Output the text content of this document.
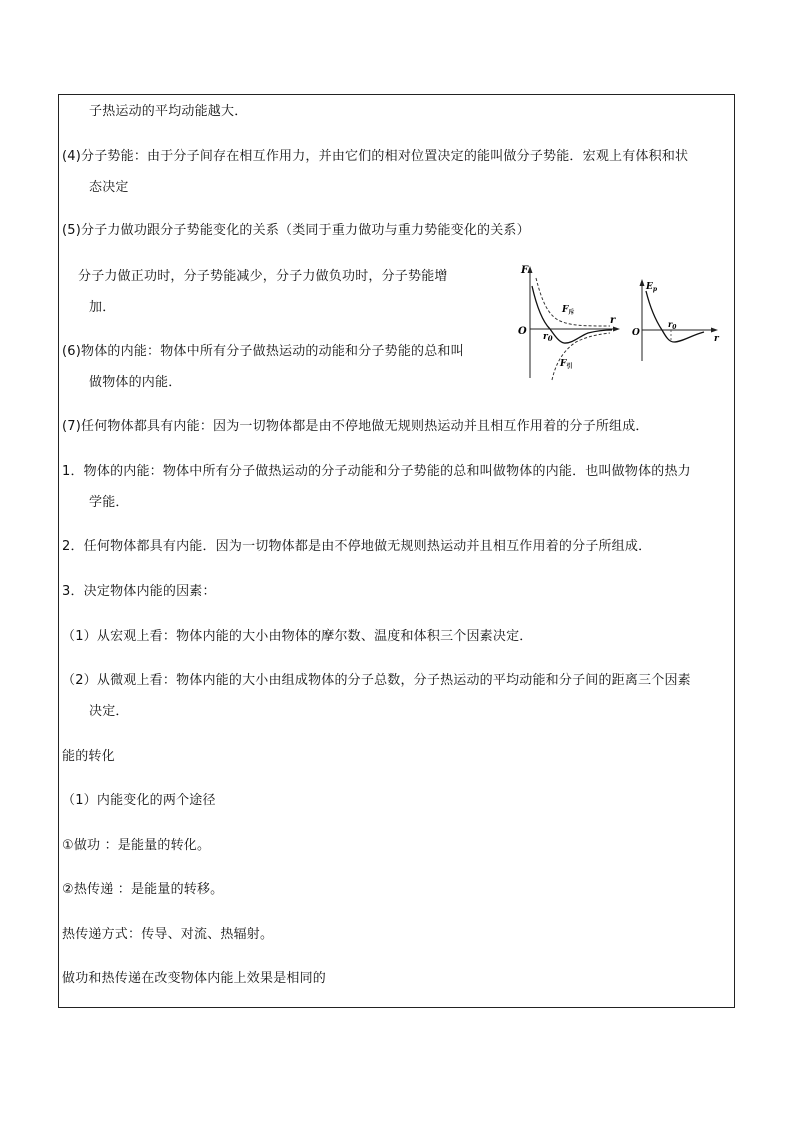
子热运动的平均动能越大．
(4)分子势能：由于分子间存在相互作用力，并由它们的相对位置决定的能叫做分子势能．宏观上有体积和状
态决定
(5)分子力做功跟分子势能变化的关系（类同于重力做功与重力势能变化的关系）
分子力做正功时，分子势能减少，分子力做负功时，分子势能增
加．
(6)物体的内能：物体中所有分子做热运动的动能和分子势能的总和叫
做物体的内能．
(7)任何物体都具有内能：因为一切物体都是由不停地做无规则热运动并且相互作用着的分子所组成．
1．物体的内能：物体中所有分子做热运动的分子动能和分子势能的总和叫做物体的内能．也叫做物体的热力
学能．
2．任何物体都具有内能．因为一切物体都是由不停地做无规则热运动并且相互作用着的分子所组成．
3．决定物体内能的因素：
（1）从宏观上看：物体内能的大小由物体的摩尔数、温度和体积三个因素决定．
（2）从微观上看：物体内能的大小由组成物体的分子总数，分子热运动的平均动能和分子间的距离三个因素
决定．
能的转化
（1）内能变化的两个途径
①做功 ：是能量的转化。
②热传递 ：是能量的转移。
热传递方式：传导、对流、热辐射。
做功和热传递在改变物体内能上效果是相同的
F
r
O $r_0$
$F_斥$
$F_引$
$E_p$
r
O
$r_0$
